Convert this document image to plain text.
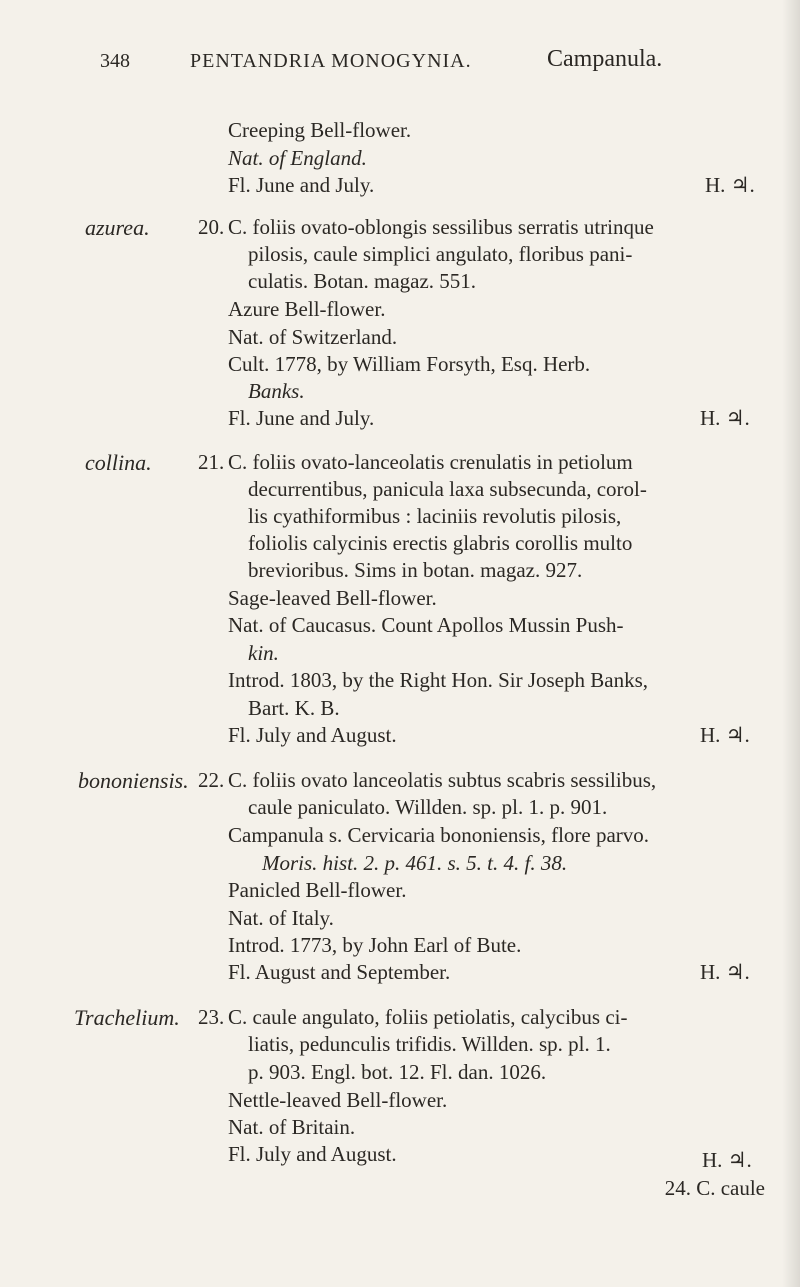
348	PENTANDRIA MONOGYNIA.	Campanula.
Creeping Bell-flower.
Nat. of England.
Fl. June and July.	H. ♃.
azurea. 20. C. foliis ovato-oblongis sessilibus serratis utrinque
pilosis, caule simplici angulato, floribus pani-
culatis. Botan. magaz. 551.
Azure Bell-flower.
Nat. of Switzerland.
Cult. 1778, by William Forsyth, Esq. Herb.
Banks.
Fl. June and July.	H. ♃.
collina. 21. C. foliis ovato-lanceolatis crenulatis in petiolum
decurrentibus, panicula laxa subsecunda, corol-
lis cyathiformibus : laciniis revolutis pilosis,
foliolis calycinis erectis glabris corollis multo
brevioribus. Sims in botan. magaz. 927.
Sage-leaved Bell-flower.
Nat. of Caucasus. Count Apollos Mussin Push-
kin.
Introd. 1803, by the Right Hon. Sir Joseph Banks,
Bart. K. B.
Fl. July and August.	H. ♃.
bononiensis. 22. C. foliis ovato lanceolatis subtus scabris sessilibus,
caule paniculato. Willden. sp. pl. 1. p. 901.
Campanula s. Cervicaria bononiensis, flore parvo.
Moris. hist. 2. p. 461. s. 5. t. 4. f. 38.
Panicled Bell-flower.
Nat. of Italy.
Introd. 1773, by John Earl of Bute.
Fl. August and September.	H. ♃.
Trachelium. 23. C. caule angulato, foliis petiolatis, calycibus ci-
liatis, pedunculis trifidis. Willden. sp. pl. 1.
p. 903. Engl. bot. 12. Fl. dan. 1026.
Nettle-leaved Bell-flower.
Nat. of Britain.
Fl. July and August.	H. ♃.
24. C. caule
